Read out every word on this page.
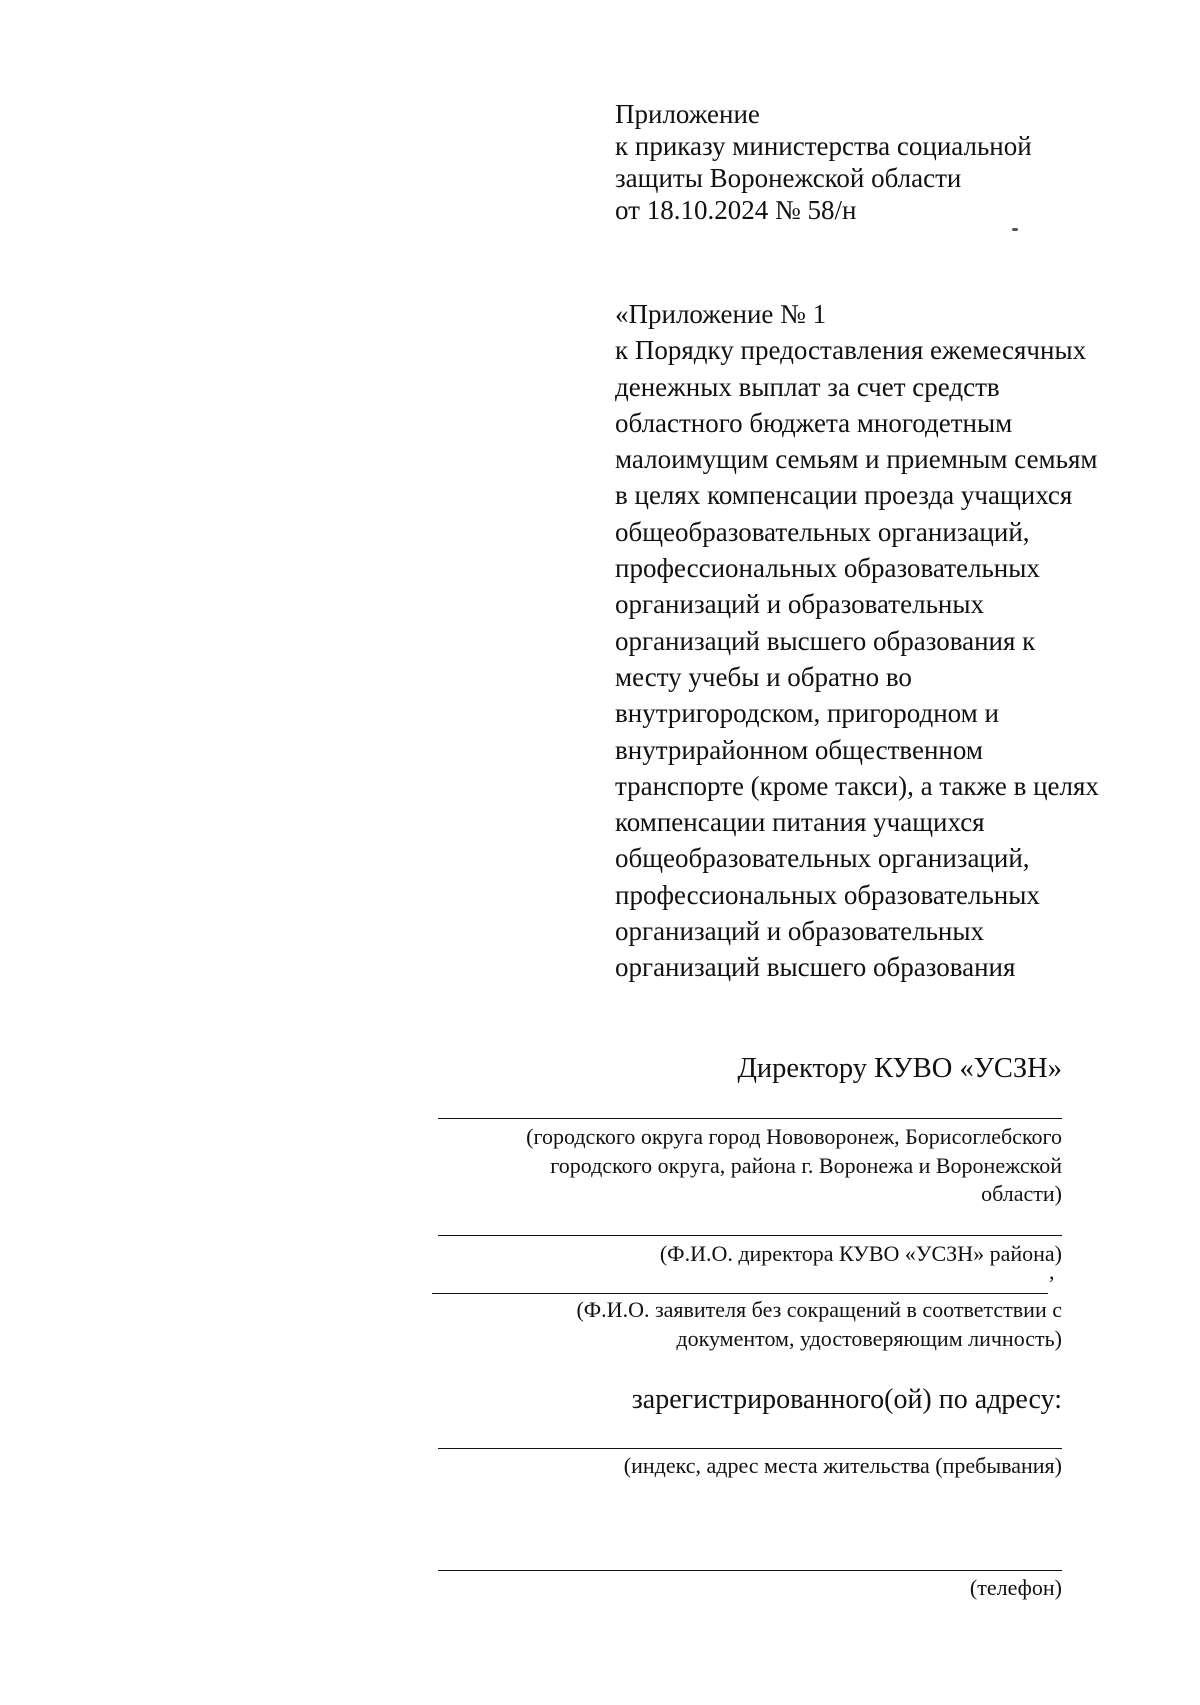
Приложение
к приказу министерства социальной
защиты Воронежской области
от 18.10.2024 № 58/н
«Приложение № 1
к Порядку предоставления ежемесячных
денежных выплат за счет средств
областного бюджета многодетным
малоимущим семьям и приемным семьям
в целях компенсации проезда учащихся
общеобразовательных организаций,
профессиональных образовательных
организаций и образовательных
организаций высшего образования к
месту учебы и обратно во
внутригородском, пригородном и
внутрирайонном общественном
транспорте (кроме такси), а также в целях
компенсации питания учащихся
общеобразовательных организаций,
профессиональных образовательных
организаций и образовательных
организаций высшего образования
Директору КУВО «УСЗН»
(городского округа город Нововоронеж, Борисоглебского
городского округа, района г. Воронежа и Воронежской
области)
(Ф.И.О. директора КУВО «УСЗН» района)
,
(Ф.И.О. заявителя без сокращений в соответствии с
документом, удостоверяющим личность)
зарегистрированного(ой) по адресу:
(индекс, адрес места жительства (пребывания)
(телефон)
